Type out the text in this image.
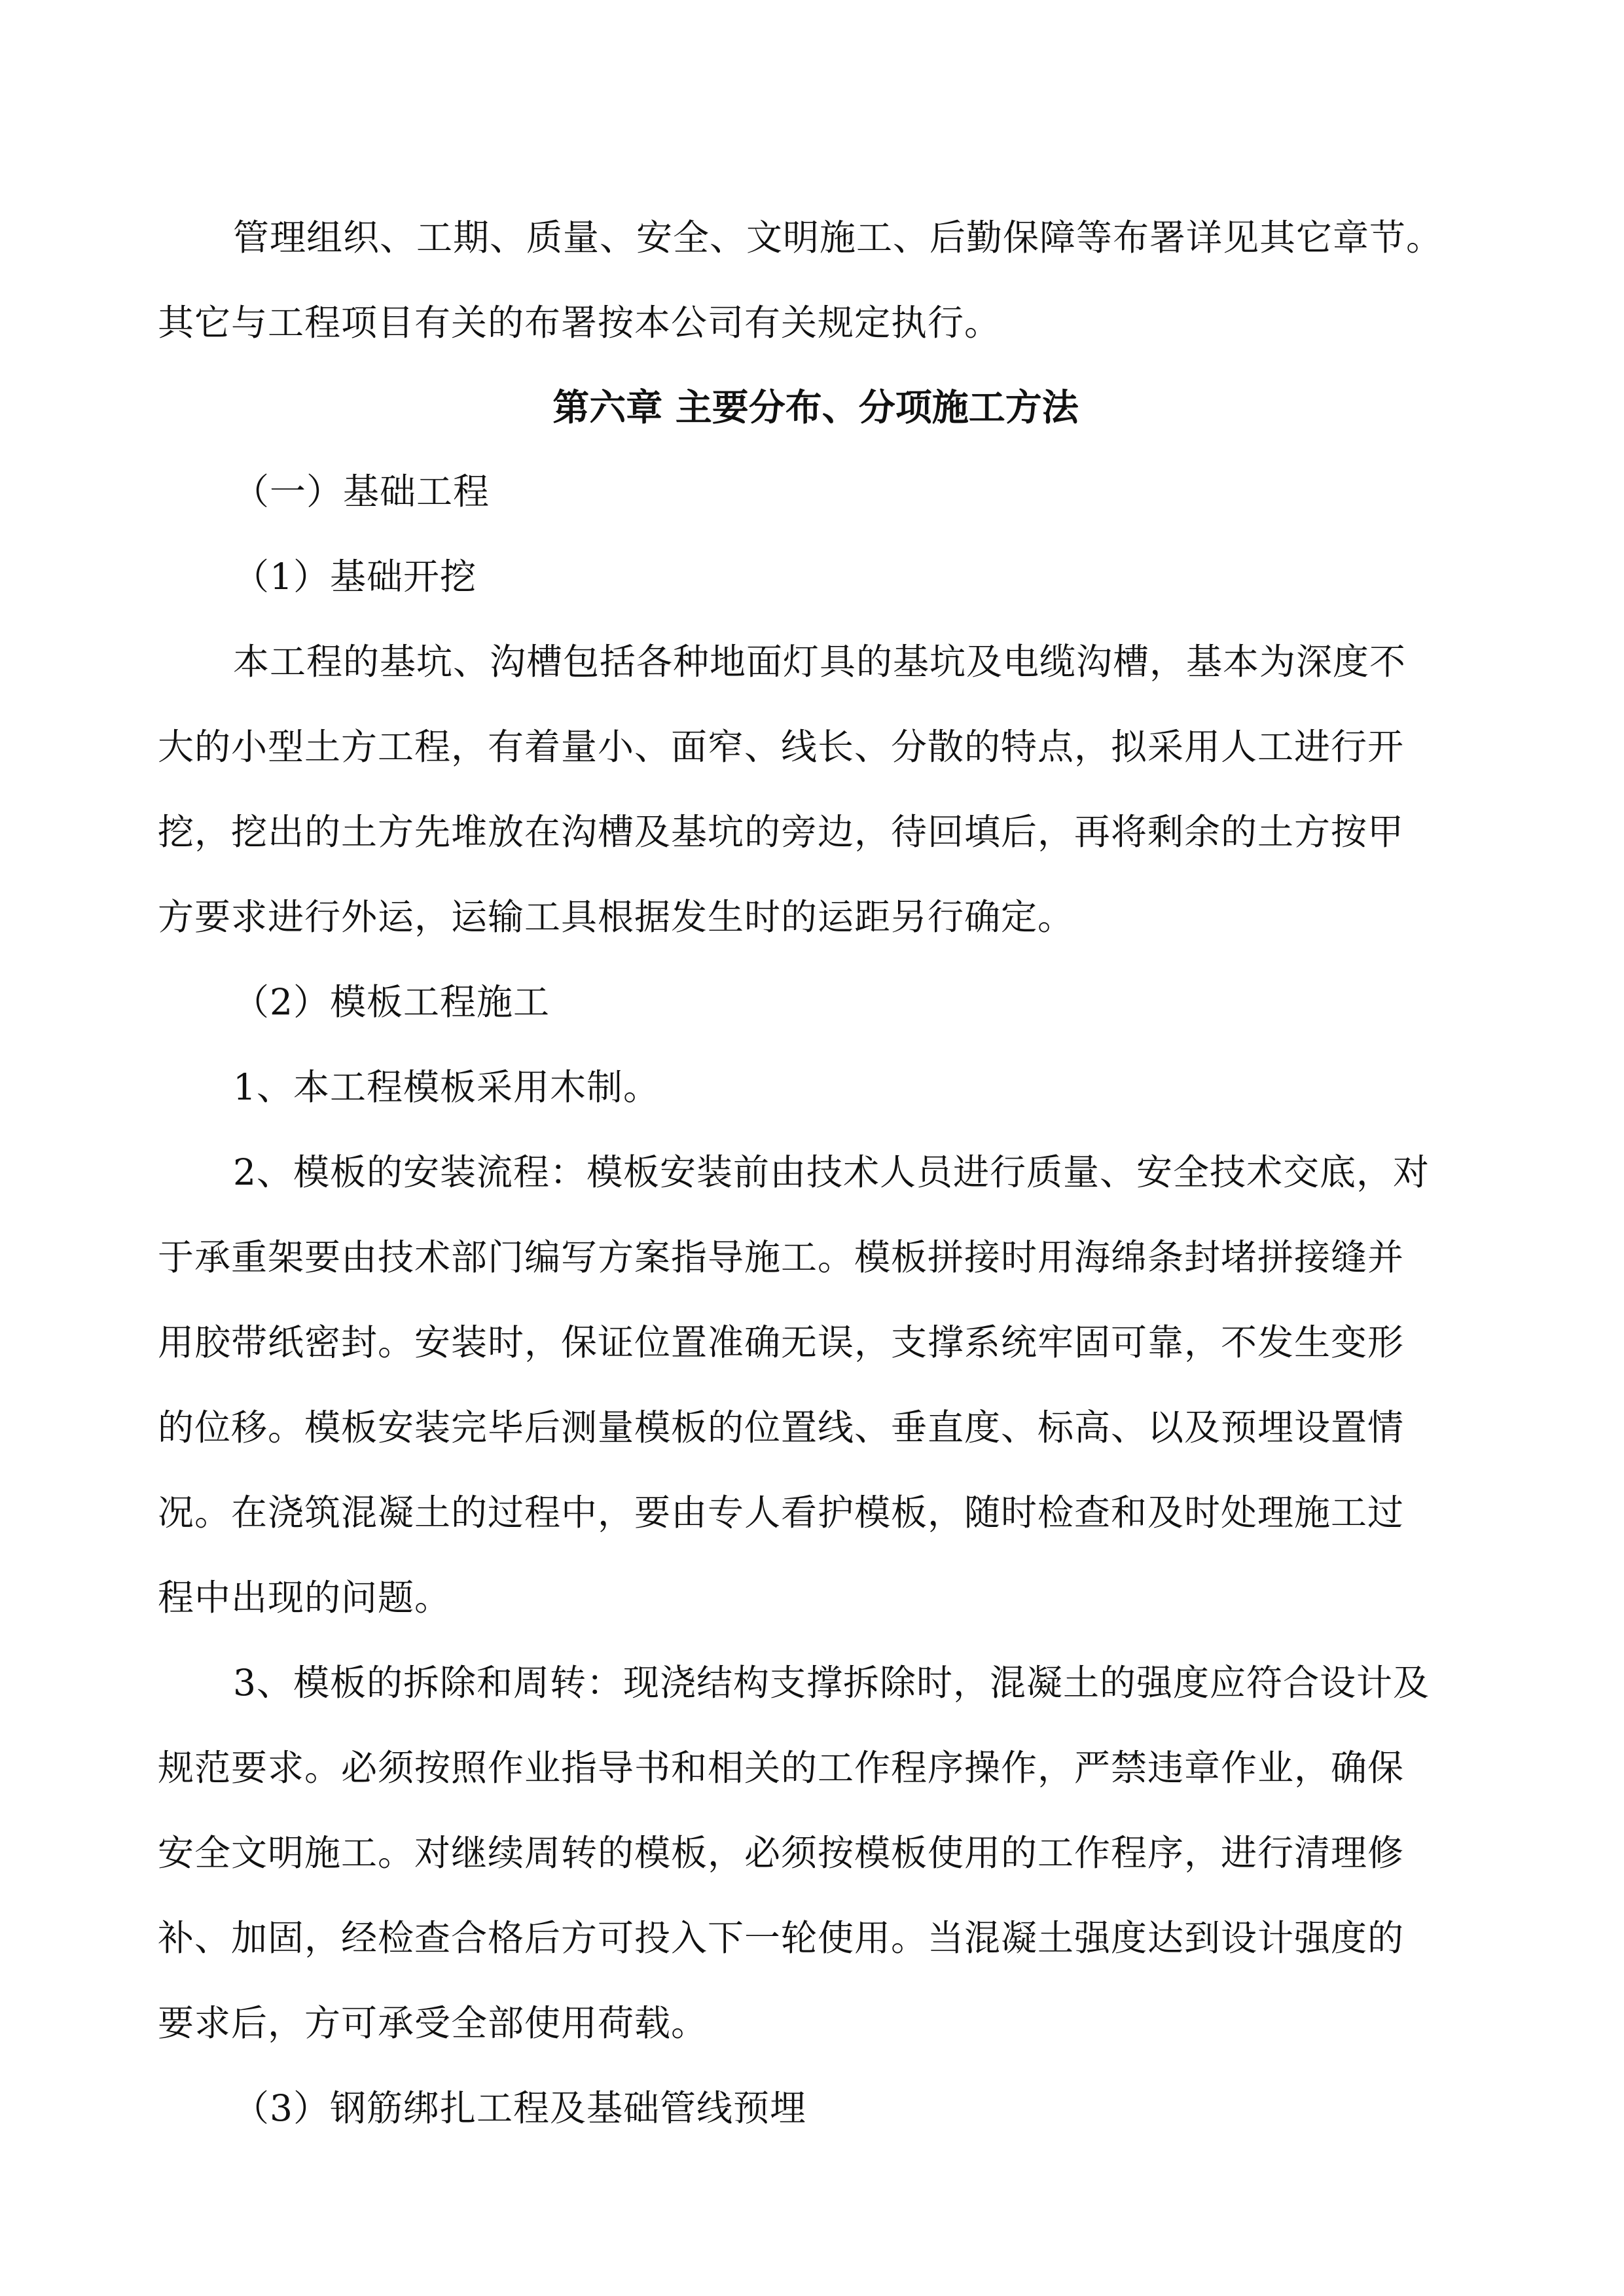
管理组织、工期、质量、安全、文明施工、后勤保障等布署详见其它章节。
其它与工程项目有关的布署按本公司有关规定执行。
第六章 主要分布、分项施工方法
（一）基础工程
（1）基础开挖
本工程的基坑、沟槽包括各种地面灯具的基坑及电缆沟槽，基本为深度不
大的小型土方工程，有着量小、面窄、线长、分散的特点，拟采用人工进行开
挖，挖出的土方先堆放在沟槽及基坑的旁边，待回填后，再将剩余的土方按甲
方要求进行外运，运输工具根据发生时的运距另行确定。
（2）模板工程施工
1、本工程模板采用木制。
2、模板的安装流程：模板安装前由技术人员进行质量、安全技术交底，对
于承重架要由技术部门编写方案指导施工。模板拼接时用海绵条封堵拼接缝并
用胶带纸密封。安装时，保证位置准确无误，支撑系统牢固可靠，不发生变形
的位移。模板安装完毕后测量模板的位置线、垂直度、标高、以及预埋设置情
况。在浇筑混凝土的过程中，要由专人看护模板，随时检查和及时处理施工过
程中出现的问题。
3、模板的拆除和周转：现浇结构支撑拆除时，混凝土的强度应符合设计及
规范要求。必须按照作业指导书和相关的工作程序操作，严禁违章作业，确保
安全文明施工。对继续周转的模板，必须按模板使用的工作程序，进行清理修
补、加固，经检查合格后方可投入下一轮使用。当混凝土强度达到设计强度的
要求后，方可承受全部使用荷载。
（3）钢筋绑扎工程及基础管线预埋
